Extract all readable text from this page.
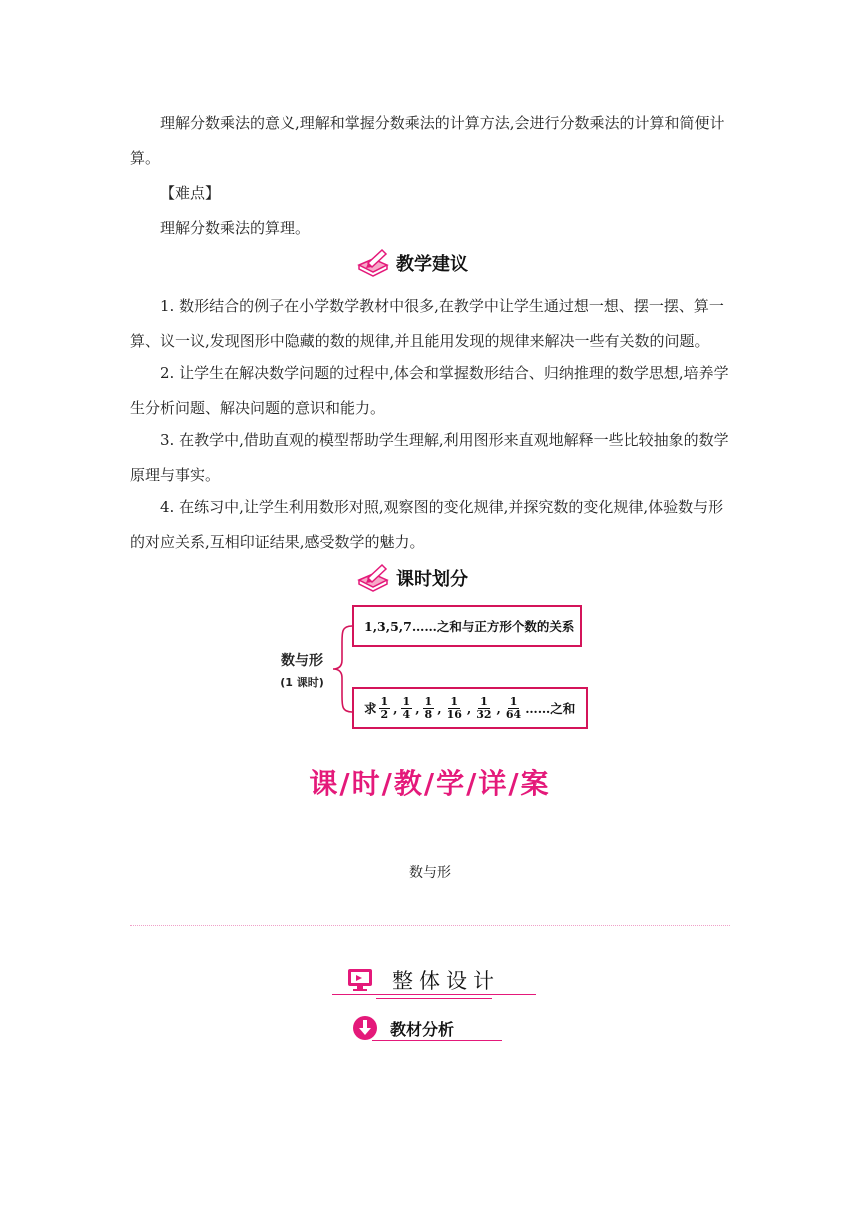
理解分数乘法的意义,理解和掌握分数乘法的计算方法,会进行分数乘法的计算和简便计算。

【难点】

理解分数乘法的算理。

教学建议

1. 数形结合的例子在小学数学教材中很多,在教学中让学生通过想一想、摆一摆、算一算、议一议,发现图形中隐藏的数的规律,并且能用发现的规律来解决一些有关数的问题。

2. 让学生在解决数学问题的过程中,体会和掌握数形结合、归纳推理的数学思想,培养学生分析问题、解决问题的意识和能力。

3. 在教学中,借助直观的模型帮助学生理解,利用图形来直观地解释一些比较抽象的数学原理与事实。

4. 在练习中,让学生利用数形对照,观察图的变化规律,并探究数的变化规律,体验数与形的对应关系,互相印证结果,感受数学的魅力。

课时划分
数与形
(1 课时)
1,3,5,7……之和与正方形个数的关系
求 $\frac{1}{2}$ , $\frac{1}{4}$ , $\frac{1}{8}$ , $\frac{1}{16}$ , $\frac{1}{32}$ , $\frac{1}{64}$ ……之和
课/时/教/学/详/案
数与形
整体设计
教材分析
